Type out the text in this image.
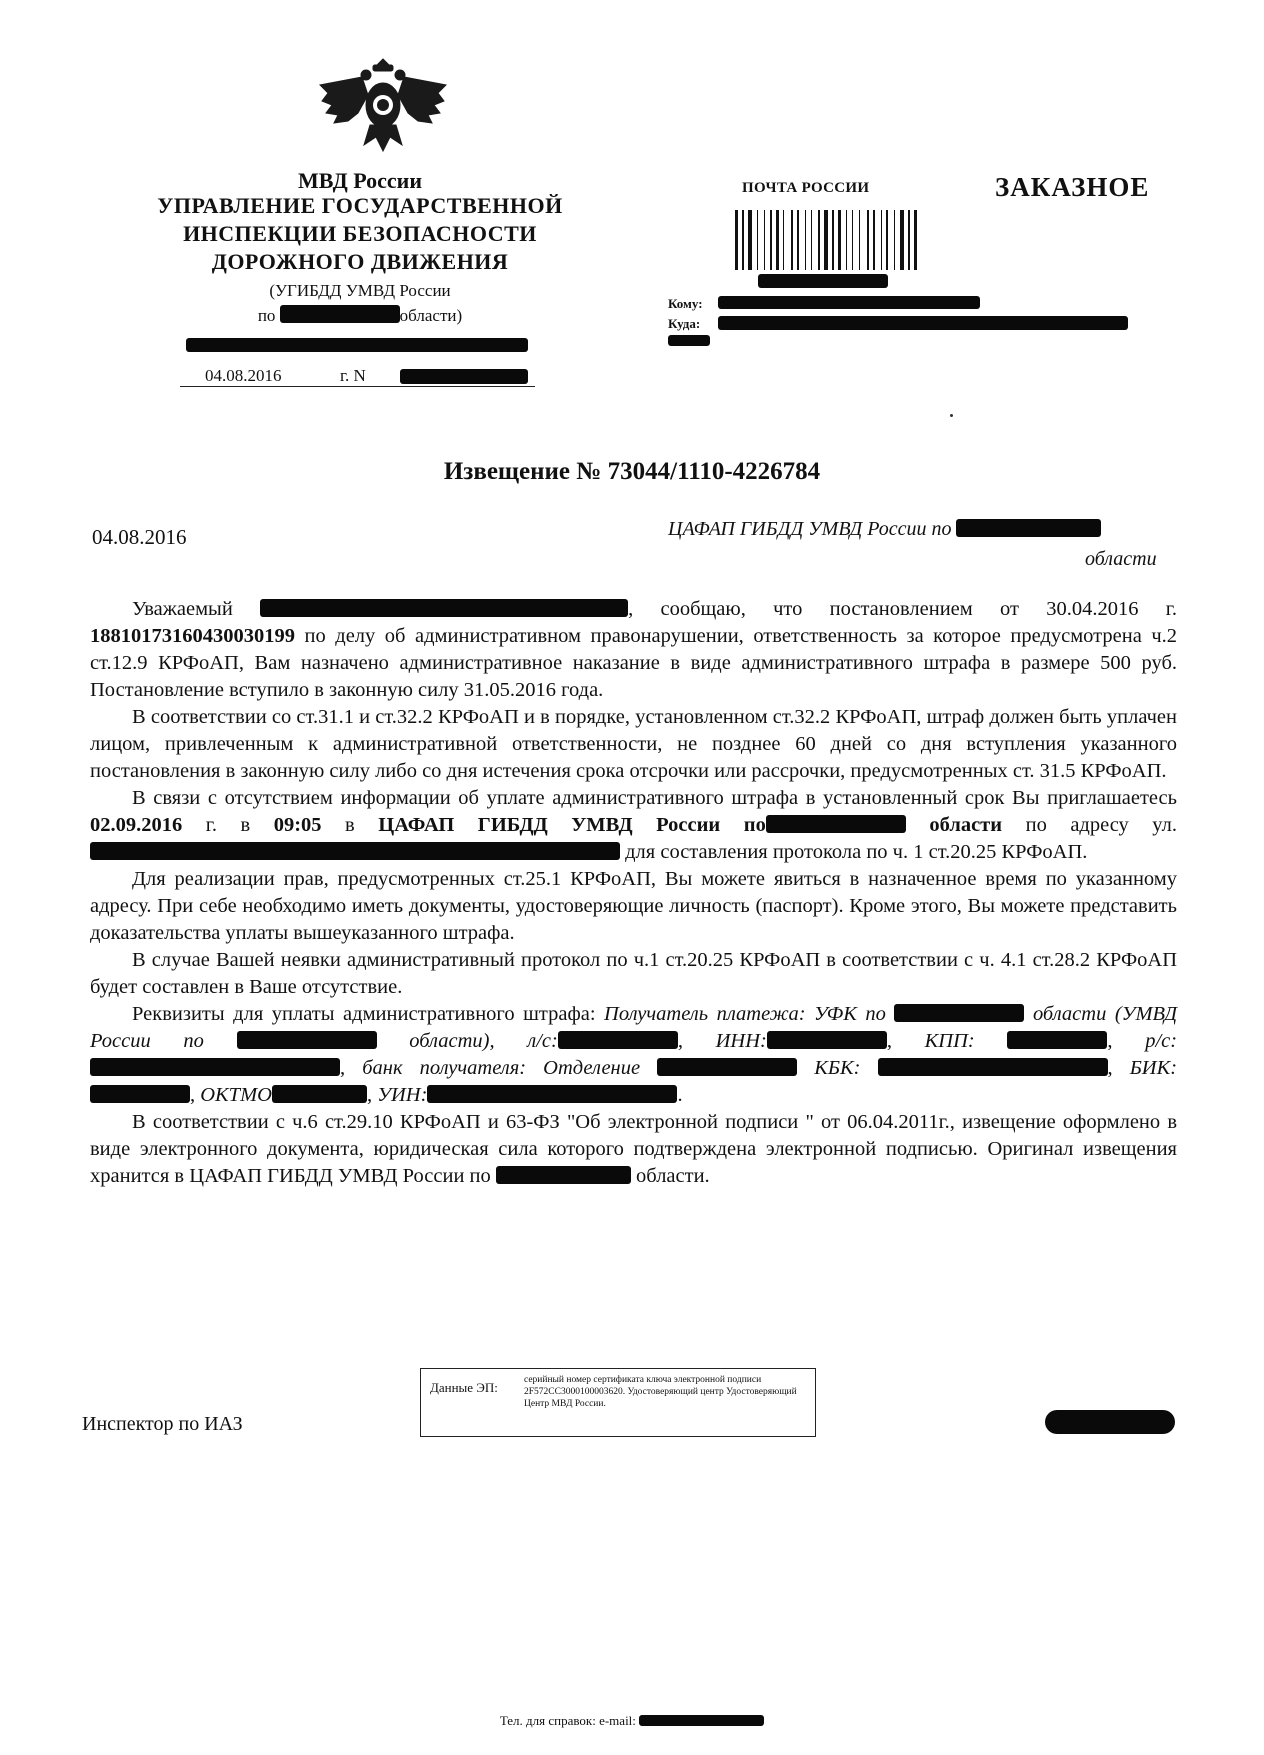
МВД России
УПРАВЛЕНИЕ ГОСУДАРСТВЕННОЙ
ИНСПЕКЦИИ БЕЗОПАСНОСТИ
ДОРОЖНОГО ДВИЖЕНИЯ
(УГИБДД УМВД России
по	области)
04.08.2016	г. N
ПОЧТА РОССИИ	ЗАКАЗНОЕ
Кому:
Куда:
Извещение № 73044/1110-4226784
04.08.2016	ЦАФАП ГИБДД УМВД России по
области

Уважаемый	, сообщаю, что постановлением от 30.04.2016 г. 18810173160430030199 по делу об административном правонарушении, ответственность за которое предусмотрена ч.2 ст.12.9 КРФоАП, Вам назначено административное наказание в виде административного штрафа в размере 500 руб. Постановление вступило в законную силу 31.05.2016 года.

В соответствии со ст.31.1 и ст.32.2 КРФоАП и в порядке, установленном ст.32.2 КРФоАП, штраф должен быть уплачен лицом, привлеченным к административной ответственности, не позднее 60 дней со дня вступления указанного постановления в законную силу либо со дня истечения срока отсрочки или рассрочки, предусмотренных ст. 31.5 КРФоАП.

В связи с отсутствием информации об уплате административного штрафа в установленный срок Вы приглашаетесь 02.09.2016 г. в 09:05 в ЦАФАП ГИБДД УМВД России по	области по адресу ул. для составления протокола по ч. 1 ст.20.25 КРФоАП.

Для реализации прав, предусмотренных ст.25.1 КРФоАП, Вы можете явиться в назначенное время по указанному адресу. При себе необходимо иметь документы, удостоверяющие личность (паспорт). Кроме этого, Вы можете представить доказательства уплаты вышеуказанного штрафа.

В случае Вашей неявки административный протокол по ч.1 ст.20.25 КРФоАП в соответствии с ч. 4.1 ст.28.2 КРФоАП будет составлен в Ваше отсутствие.

Реквизиты для уплаты административного штрафа: Получатель платежа: УФК по	области (УМВД России по	области), л/с:	, ИНН:	, КПП:	, р/с:, банк получателя: Отделение	КБК:	, БИК:, ОКТМО	, УИН:	.

В соответствии с ч.6 ст.29.10 КРФоАП и 63-ФЗ "Об электронной подписи " от 06.04.2011г., извещение оформлено в виде электронного документа, юридическая сила которого подтверждена электронной подписью. Оригинал извещения хранится в ЦАФАП ГИБДД УМВД России по	области.

Данные ЭП:	серийный номер сертификата ключа электронной подписи 2F572CC3000100003620. Удостоверяющий центр Удостоверяющий Центр МВД России.
Инспектор по ИАЗ
Тел. для справок: e-mail:
